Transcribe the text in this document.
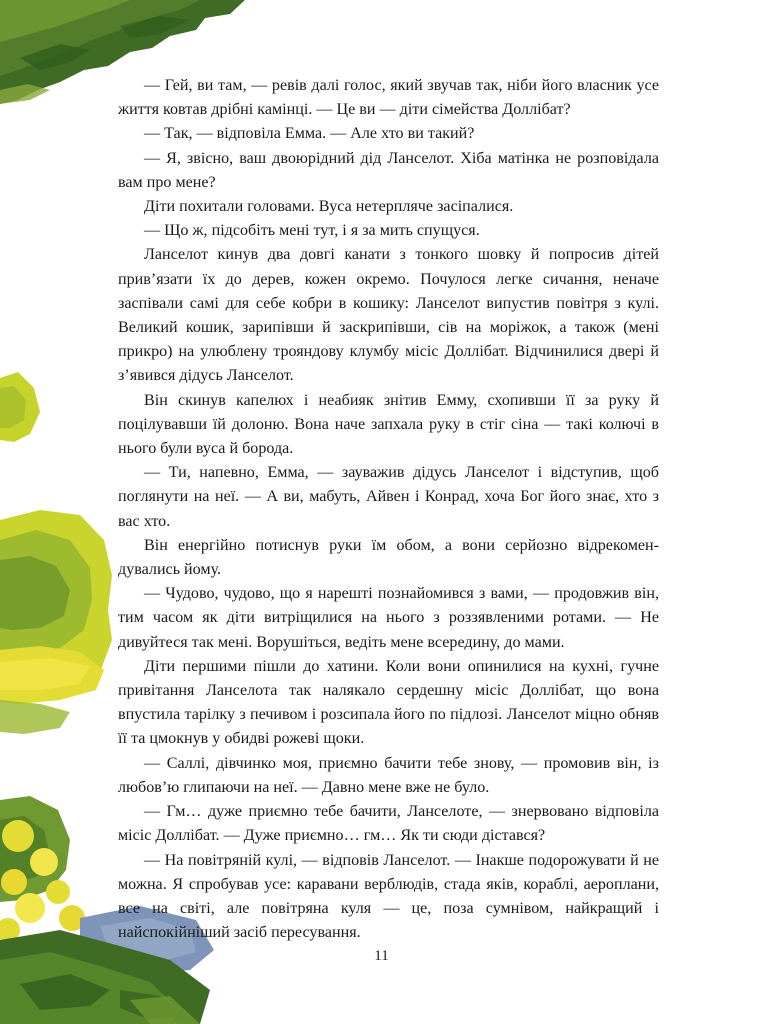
— Гей, ви там, — ревів далі голос, який звучав так, ніби його власник усе життя ковтав дрібні камінці. — Це ви — діти сімейства Доллібат?

— Так, — відповіла Емма. — Але хто ви такий?

— Я, звісно, ваш двоюрідний дід Ланселот. Хіба матінка не розповідала вам про мене?

Діти похитали головами. Вуса нетерпляче засіпалися.

— Що ж, підсобіть мені тут, і я за мить спущуся.

Ланселот кинув два довгі канати з тонкого шовку й попросив дітей прив’язати їх до дерев, кожен окремо. Почулося легке сичання, неначе заспівали самі для себе кобри в кошику: Ланселот випустив повітря з кулі. Великий кошик, зарипівши й заскрипівши, сів на моріжок, а також (мені прикро) на улюблену трояндову клумбу місіс Доллібат. Відчинилися двері й з’явився дідусь Ланселот.

Він скинув капелюх і неабияк знітив Емму, схопивши її за руку й поцілувавши їй долоню. Вона наче запхала руку в стіг сіна — такі колючі в нього були вуса й борода.

— Ти, напевно, Емма, — зауважив дідусь Ланселот і відступив, щоб поглянути на неї. — А ви, мабуть, Айвен і Конрад, хоча Бог його знає, хто з вас хто.

Він енергійно потиснув руки їм обом, а вони серйозно відрекомендувались йому.

— Чудово, чудово, що я нарешті познайомився з вами, — продовжив він, тим часом як діти витріщилися на нього з роззявленими ротами. — Не дивуйтеся так мені. Ворушіться, ведіть мене всередину, до мами.

Діти першими пішли до хатини. Коли вони опинилися на кухні, гучне привітання Ланселота так налякало сердешну місіс Доллібат, що вона впустила тарілку з печивом і розсипала його по підлозі. Ланселот міцно обняв її та цмокнув у обидві рожеві щоки.

— Саллі, дівчинко моя, приємно бачити тебе знову, — промовив він, із любов’ю глипаючи на неї. — Давно мене вже не було.

— Гм… дуже приємно тебе бачити, Ланселоте, — знервовано відповіла місіс Доллібат. — Дуже приємно… гм… Як ти сюди дістався?

— На повітряній кулі, — відповів Ланселот. — Інакше подорожувати й не можна. Я спробував усе: каравани верблюдів, стада яків, кораблі, аероплани, все на світі, але повітряна куля — це, поза сумнівом, найкращий і найспокійніший засіб пересування.

11
